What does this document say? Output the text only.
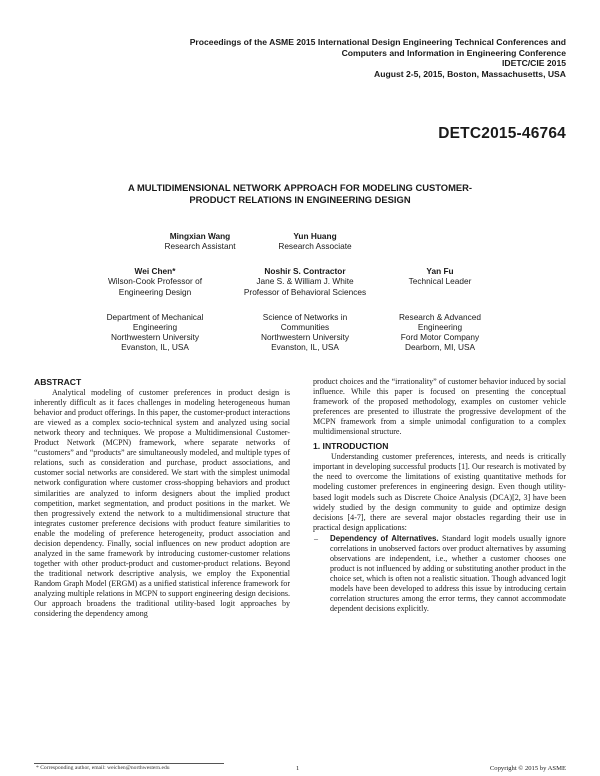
Proceedings of the ASME 2015 International Design Engineering Technical Conferences and
Computers and Information in Engineering Conference
IDETC/CIE 2015
August 2-5, 2015, Boston, Massachusetts, USA
DETC2015-46764
A MULTIDIMENSIONAL NETWORK APPROACH FOR MODELING CUSTOMER-
PRODUCT RELATIONS IN ENGINEERING DESIGN
Mingxian Wang
Research Assistant
Yun Huang
Research Associate
Wei Chen*
Wilson-Cook Professor of
Engineering Design
Noshir S. Contractor
Jane S. & William J. White
Professor of Behavioral Sciences
Yan Fu
Technical Leader
Department of Mechanical
Engineering
Northwestern University
Evanston, IL, USA
Science of Networks in
Communities
Northwestern University
Evanston, IL, USA
Research & Advanced
Engineering
Ford Motor Company
Dearborn, MI, USA
ABSTRACT

Analytical modeling of customer preferences in product design is inherently difficult as it faces challenges in modeling heterogeneous human behavior and product offerings. In this paper, the customer-product interactions are viewed as a complex socio-technical system and analyzed using social network theory and techniques. We propose a Multidimensional Customer-Product Network (MCPN) framework, where separate networks of “customers” and “products” are simultaneously modeled, and multiple types of relations, such as consideration and purchase, product associations, and customer social networks are considered. We start with the simplest unimodal network configuration where customer cross-shopping behaviors and product similarities are analyzed to inform designers about the implied product competition, market segmentation, and product positions in the market. We then progressively extend the network to a multidimensional structure that integrates customer preference decisions with product feature similarities to enable the modeling of preference heterogeneity, product association and decision dependency. Finally, social influences on new product adoption are analyzed in the same framework by introducing customer-customer relations together with other product-product and customer-product relations. Beyond the traditional network descriptive analysis, we employ the Exponential Random Graph Model (ERGM) as a unified statistical inference framework for analyzing multiple relations in MCPN to support engineering design decisions. Our approach broadens the traditional utility-based logit approaches by considering the dependency among

product choices and the “irrationality” of customer behavior induced by social influence. While this paper is focused on presenting the conceptual framework of the proposed methodology, examples on customer vehicle preferences are presented to illustrate the progressive development of the MCPN framework from a simple unimodal configuration to a complex multidimensional structure.

1. INTRODUCTION

Understanding customer preferences, interests, and needs is critically important in developing successful products [1]. Our research is motivated by the need to overcome the limitations of existing quantitative methods for modeling customer preferences in engineering design. Even though utility-based logit models such as Discrete Choice Analysis (DCA)[2, 3] have been widely studied by the design community to guide and optimize design decisions [4-7], there are several major obstacles regarding their use in practical design applications:

– Dependency of Alternatives. Standard logit models usually ignore correlations in unobserved factors over product alternatives by assuming observations are independent, i.e., whether a customer chooses one product is not influenced by adding or substituting another product in the choice set, which is often not a realistic situation. Though advanced logit models have been developed to address this issue by introducing certain correlation structures among the error terms, they cannot accommodate dependent decisions explicitly.
* Corresponding author, email: weichen@northwestern.edu	1	Copyright © 2015 by ASME
